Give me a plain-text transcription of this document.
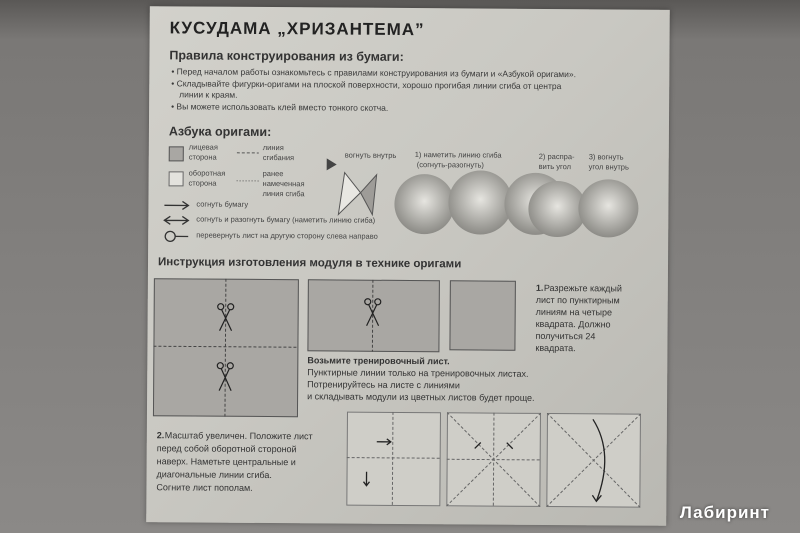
КУСУДАМА „ХРИЗАНТЕМА”
Правила конструирования из бумаги:
• Перед началом работы ознакомьтесь с правилами конструирования из бумаги и «Азбукой оригами».
• Складывайте фигурки-оригами на плоской поверхности, хорошо прогибая линии сгиба от центра
линии к краям.
• Вы можете использовать клей вместо тонкого скотча.
Азбука оригами:
лицевая
сторона
оборотная
сторона
линия
сгибания
ранее
намеченная
линия сгиба
согнуть бумагу
согнуть и разогнуть бумагу (наметить линию сгиба)
перевернуть лист на другую сторону слева направо
вогнуть внутрь 1) наметить линию сгиба
(согнуть-разогнуть)
2) распра-
вить угол
3) вогнуть
угол внутрь
Инструкция изготовления модуля в технике оригами
1. Разрежьте каждый
лист по пунктирным
линиям на четыре
квадрата. Должно
получиться 24
квадрата.
Возьмите тренировочный лист.
Пунктирные линии только на тренировочных листах.
Потренируйтесь на листе с линиями
и складывать модули из цветных листов будет проще.
2. Масштаб увеличен. Положите лист
перед собой оборотной стороной
наверх. Наметьте центральные и
диагональные линии сгиба.
Согните лист пополам.
Лабиринт
